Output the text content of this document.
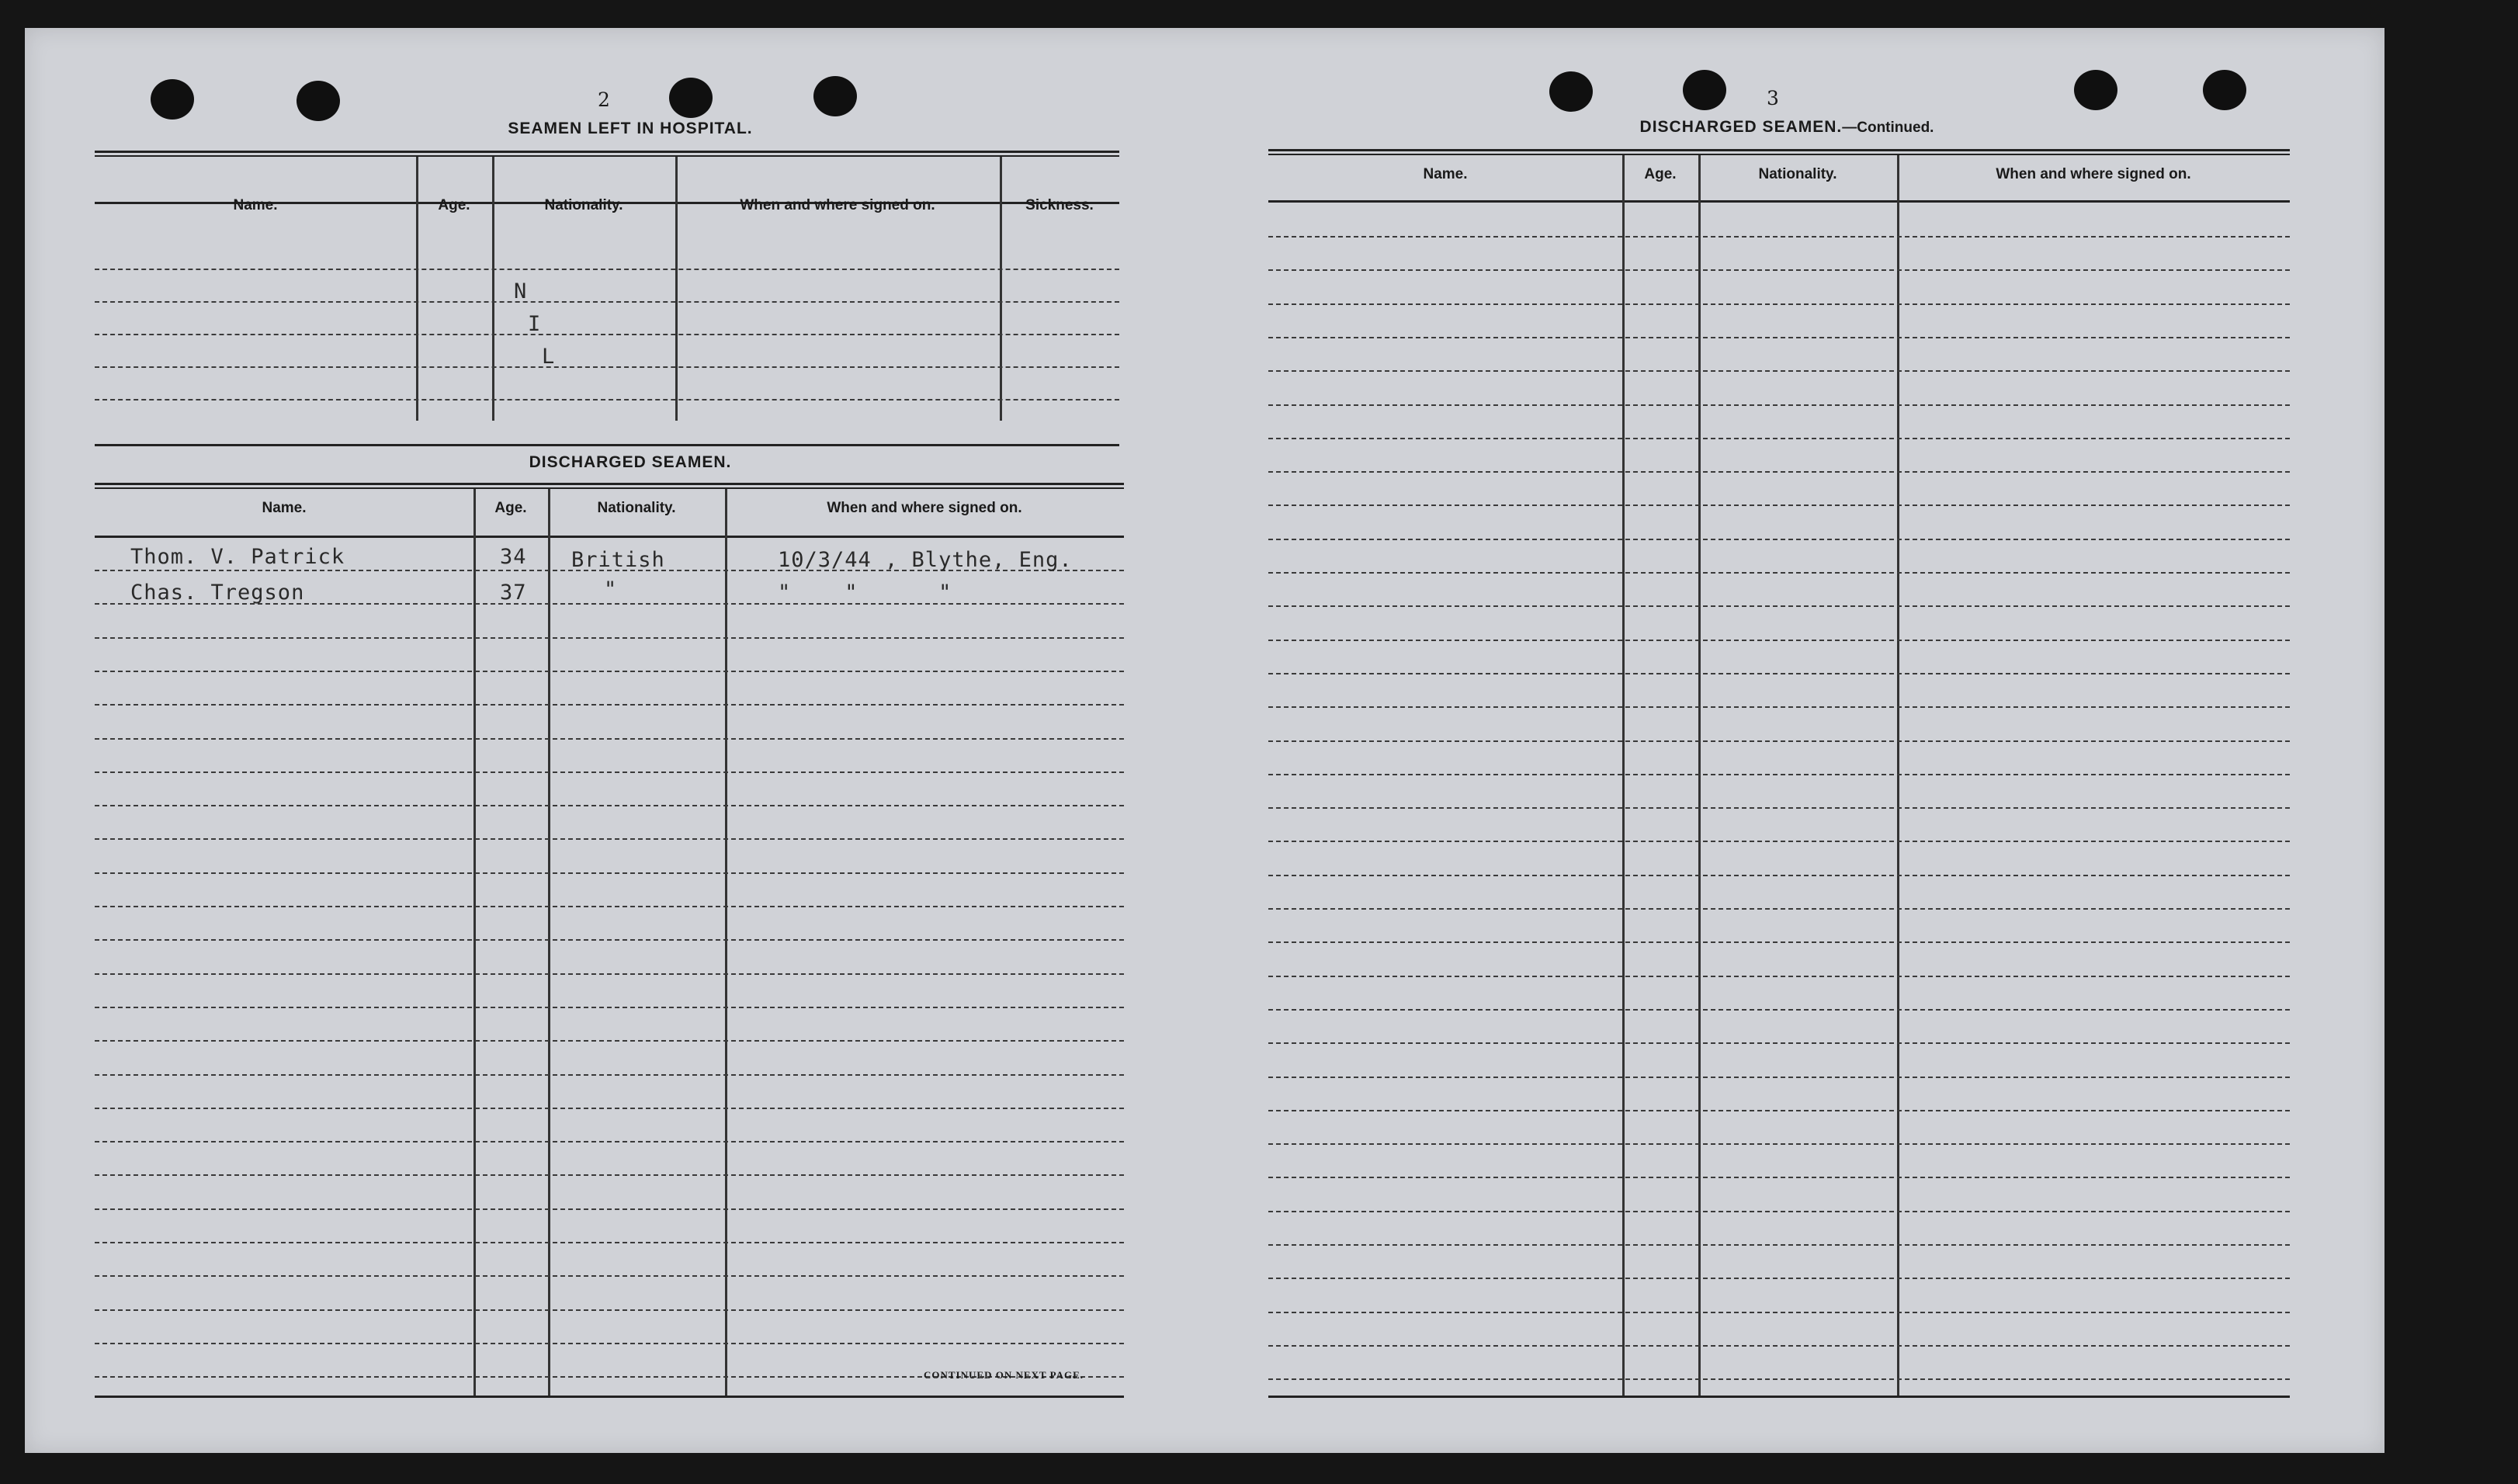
2
SEAMEN LEFT IN HOSPITAL.
Name.	Age.	Nationality.	When and where signed on.	Sickness.
N
I
L
DISCHARGED SEAMEN.
Name.	Age.	Nationality.	When and where signed on.
Thom. V. Patrick	34 British	10/3/44 , Blythe, Eng.
Chas. Tregson	37	"	"    "      "
CONTINUED ON NEXT PAGE.
3
DISCHARGED SEAMEN.—Continued.
Name.	Age.	Nationality.	When and where signed on.
